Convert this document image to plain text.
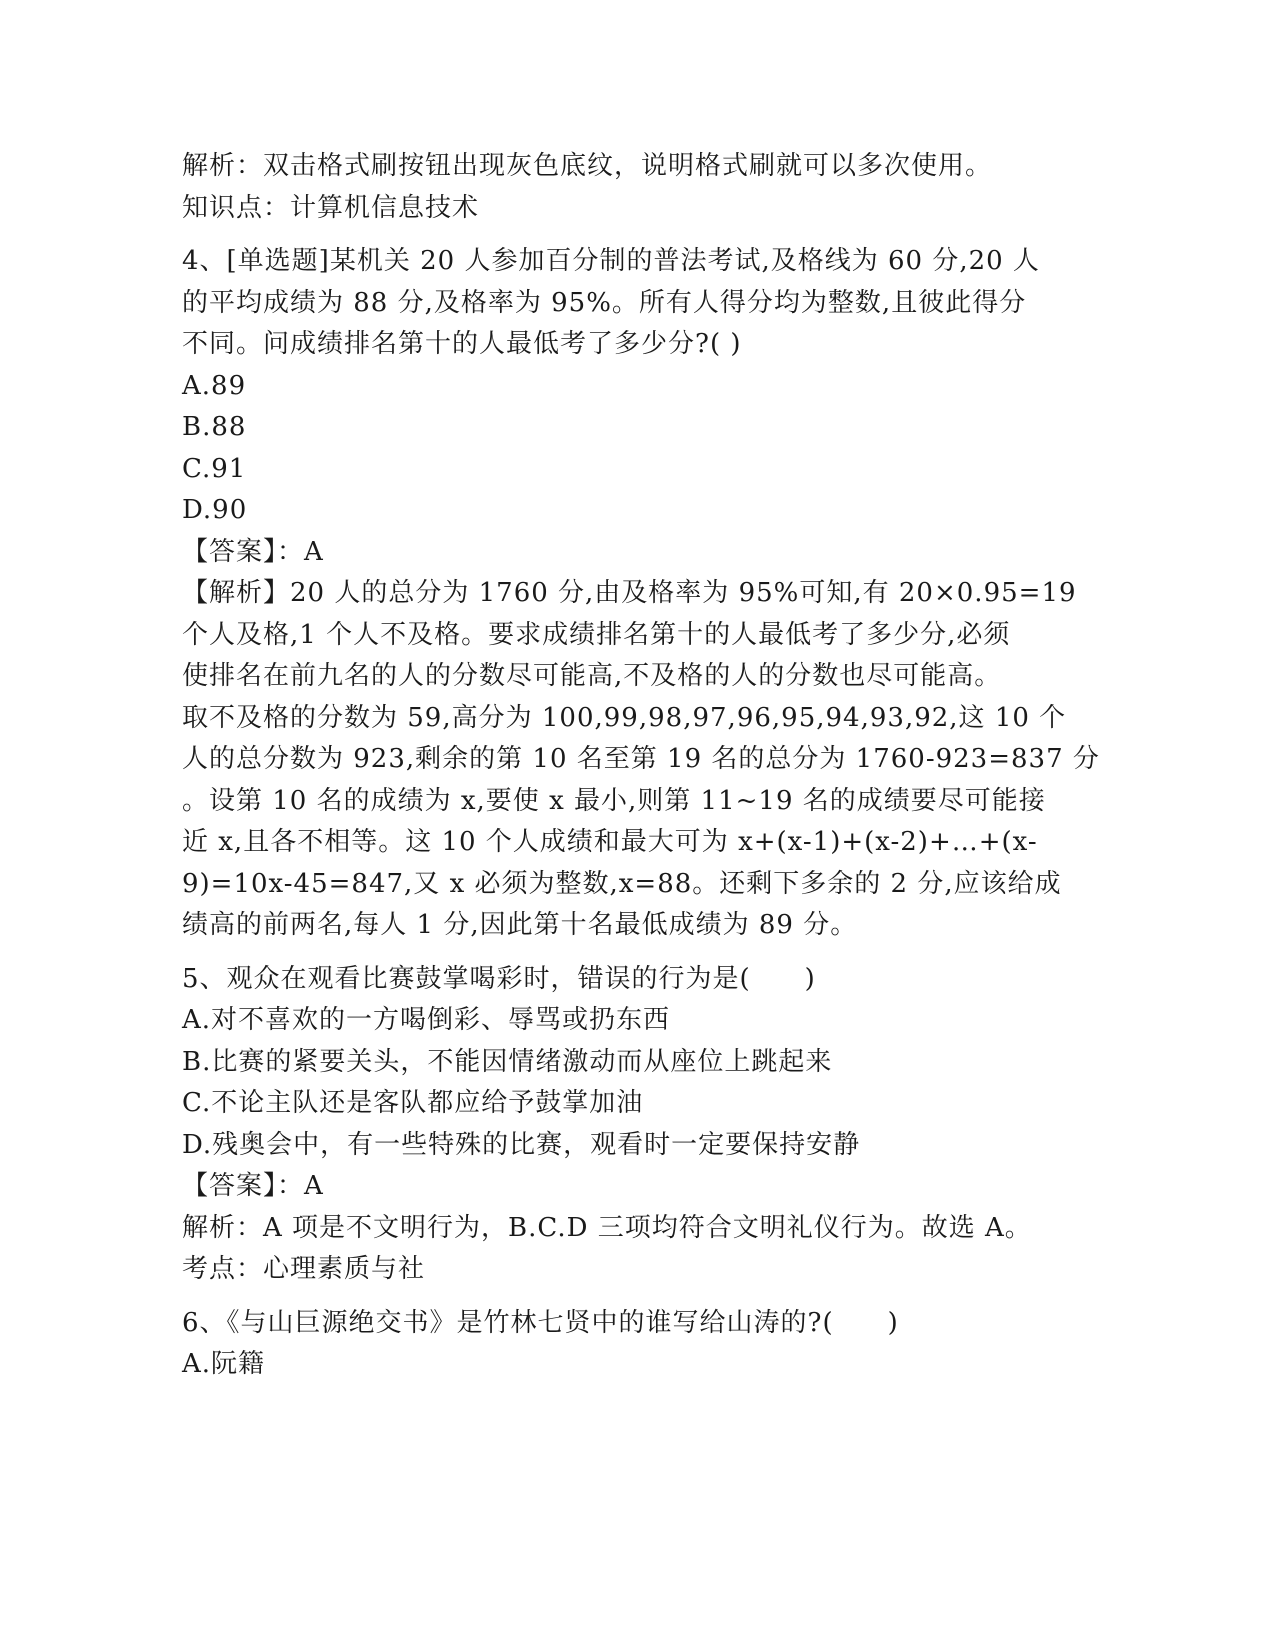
解析：双击格式刷按钮出现灰色底纹，说明格式刷就可以多次使用。
知识点：计算机信息技术
4、[单选题]某机关 20 人参加百分制的普法考试,及格线为 60 分,20 人
的平均成绩为 88 分,及格率为 95%。所有人得分均为整数,且彼此得分
不同。问成绩排名第十的人最低考了多少分?( )
A.89
B.88
C.91
D.90
【答案】：A
【解析】20 人的总分为 1760 分,由及格率为 95%可知,有 20×0.95=19
个人及格,1 个人不及格。要求成绩排名第十的人最低考了多少分,必须
使排名在前九名的人的分数尽可能高,不及格的人的分数也尽可能高。
取不及格的分数为 59,高分为 100,99,98,97,96,95,94,93,92,这 10 个
人的总分数为 923,剩余的第 10 名至第 19 名的总分为 1760-923=837 分
。设第 10 名的成绩为 x,要使 x 最小,则第 11~19 名的成绩要尽可能接
近 x,且各不相等。这 10 个人成绩和最大可为 x+(x-1)+(x-2)+…+(x-
9)=10x-45=847,又 x 必须为整数,x=88。还剩下多余的 2 分,应该给成
绩高的前两名,每人 1 分,因此第十名最低成绩为 89 分。
5、观众在观看比赛鼓掌喝彩时，错误的行为是(　　)
A.对不喜欢的一方喝倒彩、辱骂或扔东西
B.比赛的紧要关头，不能因情绪激动而从座位上跳起来
C.不论主队还是客队都应给予鼓掌加油
D.残奥会中，有一些特殊的比赛，观看时一定要保持安静
【答案】：A
解析：A 项是不文明行为，B.C.D 三项均符合文明礼仪行为。故选 A。
考点：心理素质与社
6、《与山巨源绝交书》是竹林七贤中的谁写给山涛的?(　　)
A.阮籍
